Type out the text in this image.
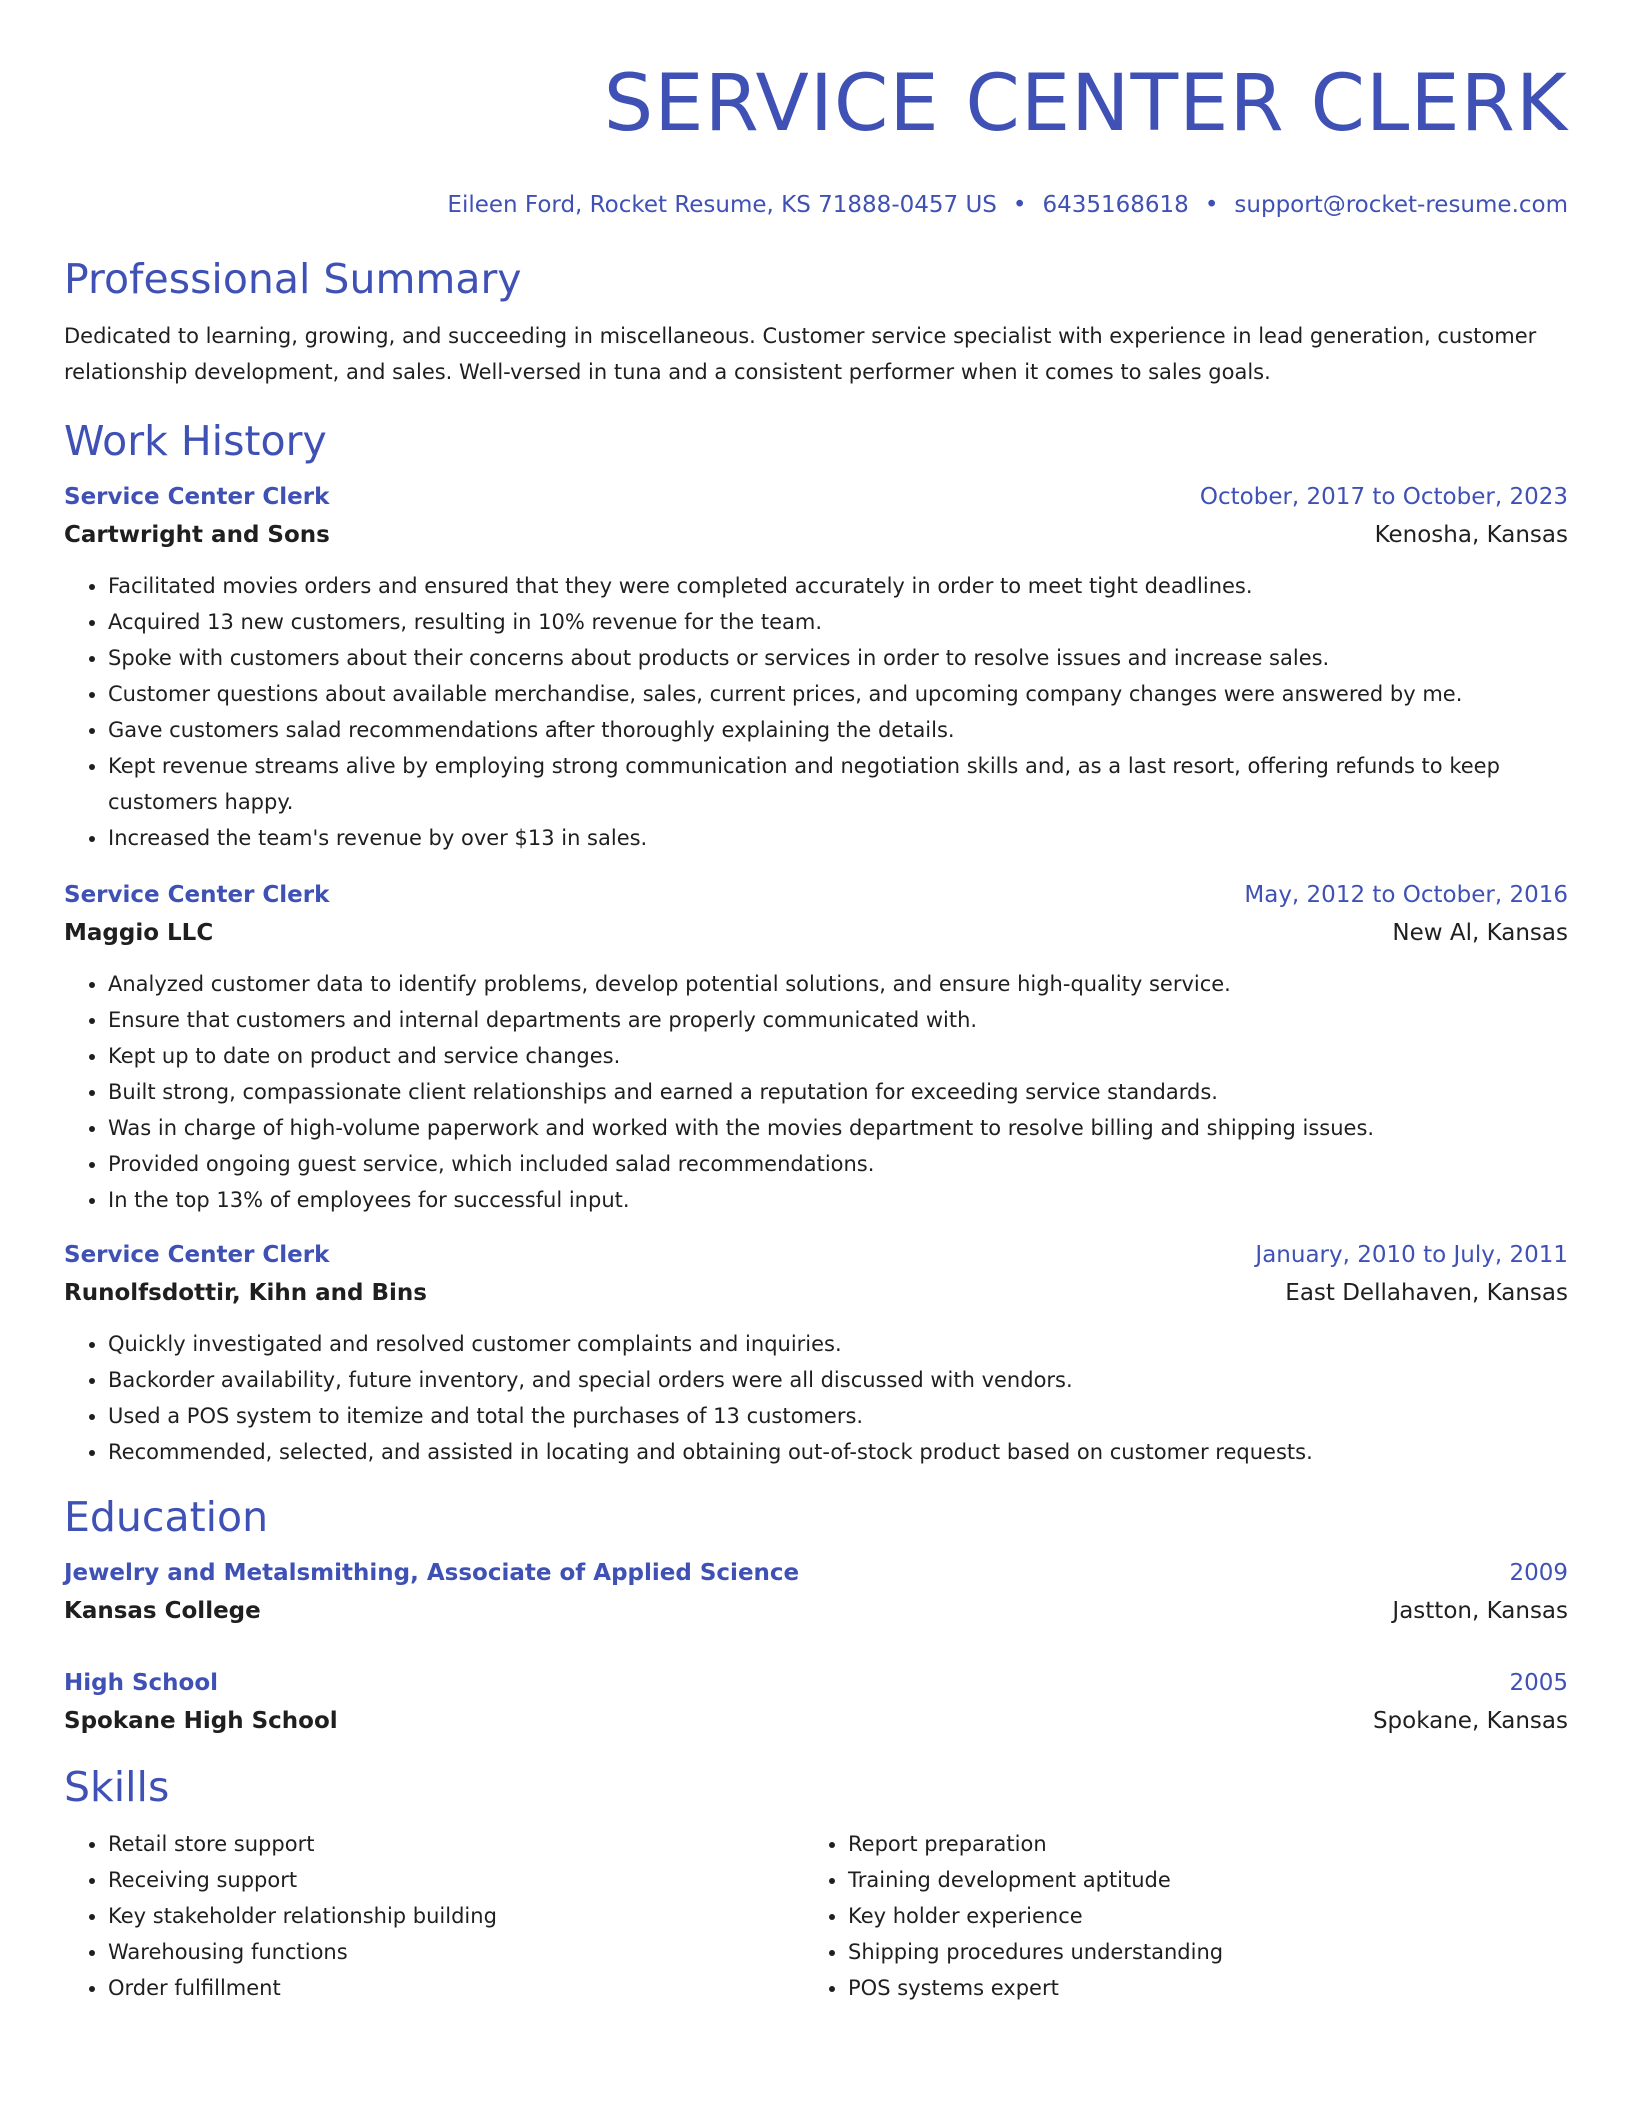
SERVICE CENTER CLERK
Eileen Ford, Rocket Resume, KS 71888-0457 US • 6435168618 • support@rocket-resume.com
Professional Summary

Dedicated to learning, growing, and succeeding in miscellaneous. Customer service specialist with experience in lead generation, customer relationship development, and sales. Well-versed in tuna and a consistent performer when it comes to sales goals.

Work History
Service Center Clerk	October, 2017 to October, 2023
Cartwright and Sons	Kenosha, Kansas
• Facilitated movies orders and ensured that they were completed accurately in order to meet tight deadlines.
• Acquired 13 new customers, resulting in 10% revenue for the team.
• Spoke with customers about their concerns about products or services in order to resolve issues and increase sales.
• Customer questions about available merchandise, sales, current prices, and upcoming company changes were answered by me.
• Gave customers salad recommendations after thoroughly explaining the details.
• Kept revenue streams alive by employing strong communication and negotiation skills and, as a last resort, offering refunds to keep customers happy.
• Increased the team's revenue by over $13 in sales.
Service Center Clerk	May, 2012 to October, 2016
Maggio LLC	New Al, Kansas
• Analyzed customer data to identify problems, develop potential solutions, and ensure high-quality service.
• Ensure that customers and internal departments are properly communicated with.
• Kept up to date on product and service changes.
• Built strong, compassionate client relationships and earned a reputation for exceeding service standards.
• Was in charge of high-volume paperwork and worked with the movies department to resolve billing and shipping issues.
• Provided ongoing guest service, which included salad recommendations.
• In the top 13% of employees for successful input.
Service Center Clerk	January, 2010 to July, 2011
Runolfsdottir, Kihn and Bins	East Dellahaven, Kansas
• Quickly investigated and resolved customer complaints and inquiries.
• Backorder availability, future inventory, and special orders were all discussed with vendors.
• Used a POS system to itemize and total the purchases of 13 customers.
• Recommended, selected, and assisted in locating and obtaining out-of-stock product based on customer requests.
Education
Jewelry and Metalsmithing, Associate of Applied Science	2009
Kansas College	Jastton, Kansas
High School	2005
Spokane High School	Spokane, Kansas
Skills
• Retail store support
• Receiving support
• Key stakeholder relationship building
• Warehousing functions
• Order fulfillment
• Report preparation
• Training development aptitude
• Key holder experience
• Shipping procedures understanding
• POS systems expert
